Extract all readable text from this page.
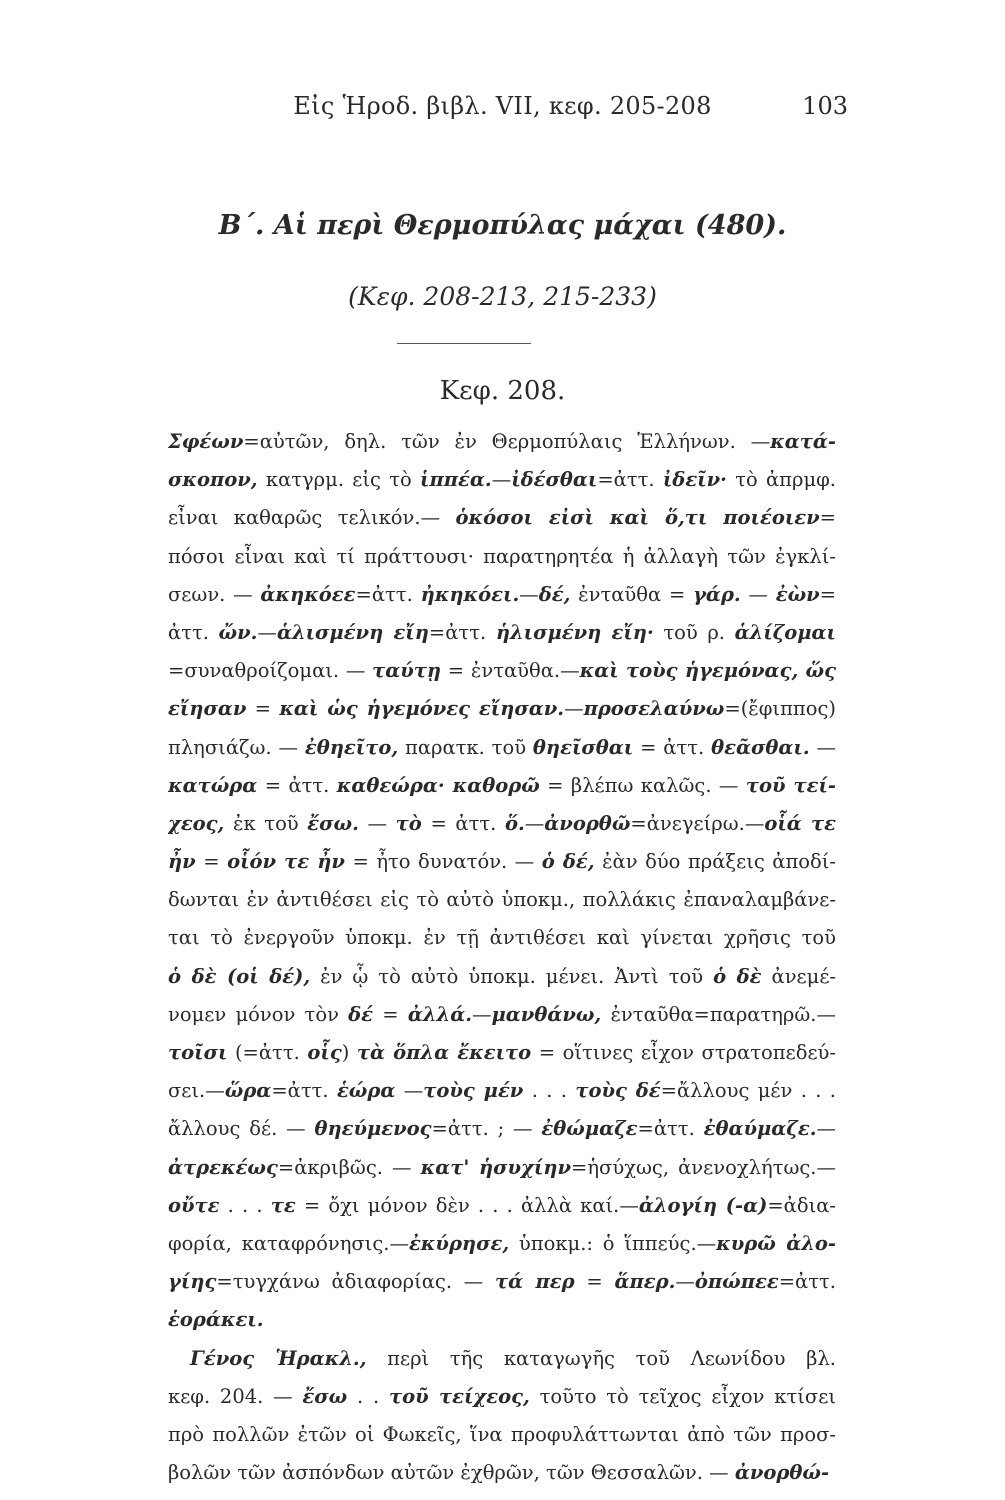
Εἰς Ἡροδ. βιβλ. VII, κεφ. 205-208	103
Β΄. Αἱ περὶ Θερμοπύλας μάχαι (480).
(Κεφ. 208-213, 215-233)
Κεφ. 208.
Σφέων=αὐτῶν, δηλ. τῶν ἐν Θερμοπύλαις Ἑλλήνων. —κατά-
σκοπον, κατγρμ. εἰς τὸ ἱππέα.—ἰδέσθαι=ἀττ. ἰδεῖν· τὸ ἀπρμφ.
εἶναι καθαρῶς τελικόν.— ὁκόσοι εἰσὶ καὶ ὅ,τι ποιέοιεν=
πόσοι εἶναι καὶ τί πράττουσι· παρατηρητέα ἡ ἀλλαγὴ τῶν ἐγκλί-
σεων. — ἀκηκόεε=ἀττ. ἠκηκόει.—δέ, ἐνταῦθα = γάρ. — ἐὼν=
ἀττ. ὤν.—ἁλισμένη εἴη=ἀττ. ἡλισμένη εἴη· τοῦ ρ. ἁλίζομαι
=συναθροίζομαι. — ταύτῃ = ἐνταῦθα.—καὶ τοὺς ἡγεμόνας, ὥς
εἴησαν = καὶ ὡς ἡγεμόνες εἴησαν.—προσελαύνω=(ἔφιππος)
πλησιάζω. — ἐθηεῖτο, παρατκ. τοῦ θηεῖσθαι = ἀττ. θεᾶσθαι. —
κατώρα = ἀττ. καθεώρα· καθορῶ = βλέπω καλῶς. — τοῦ τεί-
χεος, ἐκ τοῦ ἔσω. — τὸ = ἀττ. ὅ.—ἀνορθῶ=ἀνεγείρω.—οἷά τε
ἦν = οἷόν τε ἦν = ἦτο δυνατόν. — ὁ δέ, ἐὰν δύο πράξεις ἀποδί-
δωνται ἐν ἀντιθέσει εἰς τὸ αὐτὸ ὑποκμ., πολλάκις ἐπαναλαμβάνε-
ται τὸ ἐνεργοῦν ὑποκμ. ἐν τῇ ἀντιθέσει καὶ γίνεται χρῆσις τοῦ
ὁ δὲ (οἱ δέ), ἐν ᾧ τὸ αὐτὸ ὑποκμ. μένει. Ἀντὶ τοῦ ὁ δὲ ἀνεμέ-
νομεν μόνον τὸν δέ = ἀλλά.—μανθάνω, ἐνταῦθα=παρατηρῶ.—
τοῖσι (=ἀττ. οἷς) τὰ ὅπλα ἔκειτο = οἵτινες εἶχον στρατοπεδεύ-
σει.—ὥρα=ἀττ. ἑώρα —τοὺς μέν . . . τοὺς δέ=ἄλλους μέν . . .
ἄλλους δέ. — θηεύμενος=ἀττ. ; — ἐθώμαζε=ἀττ. ἐθαύμαζε.—
ἀτρεκέως=ἀκριβῶς. — κατ' ἡσυχίην=ἡσύχως, ἀνενοχλήτως.—
οὔτε . . . τε = ὄχι μόνον δὲν . . . ἀλλὰ καί.—ἀλογίη (-α)=ἀδια-
φορία, καταφρόνησις.—ἐκύρησε, ὑποκμ.: ὁ ἵππεύς.—κυρῶ ἀλο-
γίης=τυγχάνω ἀδιαφορίας. — τά περ = ἅπερ.—ὀπώπεε=ἀττ.
ἑοράκει.
Γένος Ἡρακλ., περὶ τῆς καταγωγῆς τοῦ Λεωνίδου βλ.
κεφ. 204. — ἔσω . . τοῦ τείχεος, τοῦτο τὸ τεῖχος εἶχον κτίσει
πρὸ πολλῶν ἐτῶν οἱ Φωκεῖς, ἵνα προφυλάττωνται ἀπὸ τῶν προσ-
βολῶν τῶν ἀσπόνδων αὐτῶν ἐχθρῶν, τῶν Θεσσαλῶν. — ἀνορθώ-
